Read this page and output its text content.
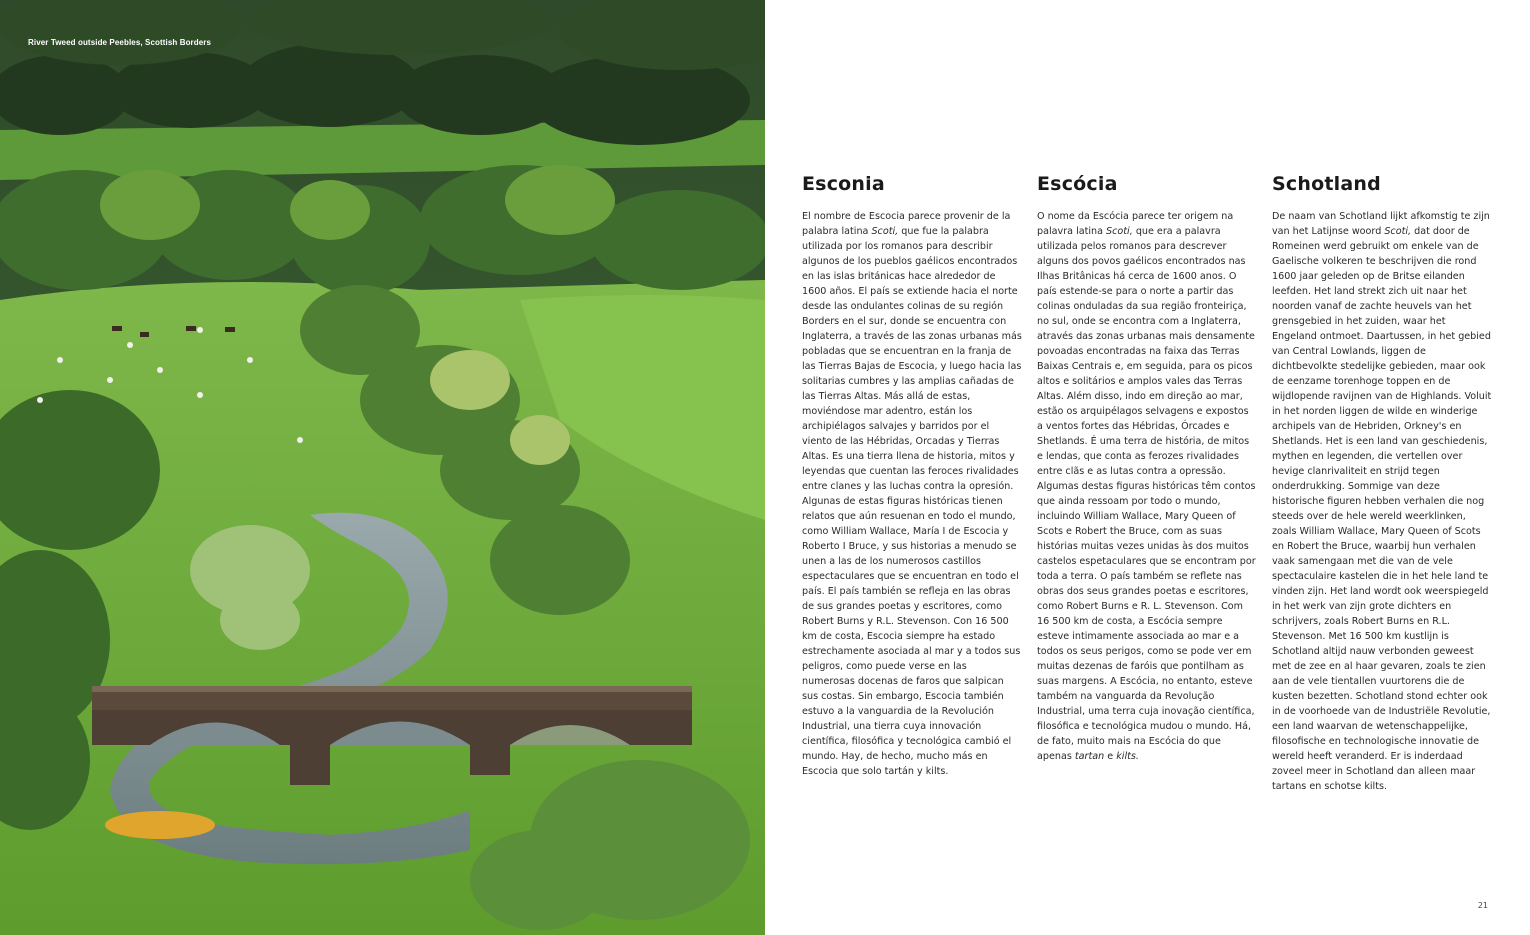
River Tweed outside Peebles, Scottish Borders
Esconia

El nombre de Escocia parece provenir de la palabra latina Scoti, que fue la palabra utilizada por los romanos para describir algunos de los pueblos gaélicos encontrados en las islas británicas hace alrededor de 1600 años. El país se extiende hacia el norte desde las ondulantes colinas de su región Borders en el sur, donde se encuentra con Inglaterra, a través de las zonas urbanas más pobladas que se encuentran en la franja de las Tierras Bajas de Escocia, y luego hacia las solitarias cumbres y las amplias cañadas de las Tierras Altas. Más allá de estas, moviéndose mar adentro, están los archipiélagos salvajes y barridos por el viento de las Hébridas, Orcadas y Tierras Altas. Es una tierra llena de historia, mitos y leyendas que cuentan las feroces rivalidades entre clanes y las luchas contra la opresión. Algunas de estas figuras históricas tienen relatos que aún resuenan en todo el mundo, como William Wallace, María I de Escocia y Roberto I Bruce, y sus historias a menudo se unen a las de los numerosos castillos espectaculares que se encuentran en todo el país. El país también se refleja en las obras de sus grandes poetas y escritores, como Robert Burns y R.L. Stevenson. Con 16 500 km de costa, Escocia siempre ha estado estrechamente asociada al mar y a todos sus peligros, como puede verse en las numerosas docenas de faros que salpican sus costas. Sin embargo, Escocia también estuvo a la vanguardia de la Revolución Industrial, una tierra cuya innovación científica, filosófica y tecnológica cambió el mundo. Hay, de hecho, mucho más en Escocia que solo tartán y kilts.

Escócia

O nome da Escócia parece ter origem na palavra latina Scoti, que era a palavra utilizada pelos romanos para descrever alguns dos povos gaélicos encontrados nas Ilhas Britânicas há cerca de 1600 anos. O país estende-se para o norte a partir das colinas onduladas da sua região fronteiriça, no sul, onde se encontra com a Inglaterra, através das zonas urbanas mais densamente povoadas encontradas na faixa das Terras Baixas Centrais e, em seguida, para os picos altos e solitários e amplos vales das Terras Altas. Além disso, indo em direção ao mar, estão os arquipélagos selvagens e expostos a ventos fortes das Hébridas, Órcades e Shetlands. É uma terra de história, de mitos e lendas, que conta as ferozes rivalidades entre clãs e as lutas contra a opressão. Algumas destas figuras históricas têm contos que ainda ressoam por todo o mundo, incluindo William Wallace, Mary Queen of Scots e Robert the Bruce, com as suas histórias muitas vezes unidas às dos muitos castelos espetaculares que se encontram por toda a terra. O país também se reflete nas obras dos seus grandes poetas e escritores, como Robert Burns e R. L. Stevenson. Com 16 500 km de costa, a Escócia sempre esteve intimamente associada ao mar e a todos os seus perigos, como se pode ver em muitas dezenas de faróis que pontilham as suas margens. A Escócia, no entanto, esteve também na vanguarda da Revolução Industrial, uma terra cuja inovação científica, filosófica e tecnológica mudou o mundo. Há, de fato, muito mais na Escócia do que apenas tartan e kilts.

Schotland

De naam van Schotland lijkt afkomstig te zijn van het Latijnse woord Scoti, dat door de Romeinen werd gebruikt om enkele van de Gaelische volkeren te beschrijven die rond 1600 jaar geleden op de Britse eilanden leefden. Het land strekt zich uit naar het noorden vanaf de zachte heuvels van het grensgebied in het zuiden, waar het Engeland ontmoet. Daartussen, in het gebied van Central Lowlands, liggen de dichtbevolkte stedelijke gebieden, maar ook de eenzame torenhoge toppen en de wijdlopende ravijnen van de Highlands. Voluit in het norden liggen de wilde en winderige archipels van de Hebriden, Orkney's en Shetlands. Het is een land van geschiedenis, mythen en legenden, die vertellen over hevige clanrivaliteit en strijd tegen onderdrukking. Sommige van deze historische figuren hebben verhalen die nog steeds over de hele wereld weerklinken, zoals William Wallace, Mary Queen of Scots en Robert the Bruce, waarbij hun verhalen vaak samengaan met die van de vele spectaculaire kastelen die in het hele land te vinden zijn. Het land wordt ook weerspiegeld in het werk van zijn grote dichters en schrijvers, zoals Robert Burns en R.L. Stevenson. Met 16 500 km kustlijn is Schotland altijd nauw verbonden geweest met de zee en al haar gevaren, zoals te zien aan de vele tientallen vuurtorens die de kusten bezetten. Schotland stond echter ook in de voorhoede van de Industriële Revolutie, een land waarvan de wetenschappelijke, filosofische en technologische innovatie de wereld heeft veranderd. Er is inderdaad zoveel meer in Schotland dan alleen maar tartans en schotse kilts.

21
